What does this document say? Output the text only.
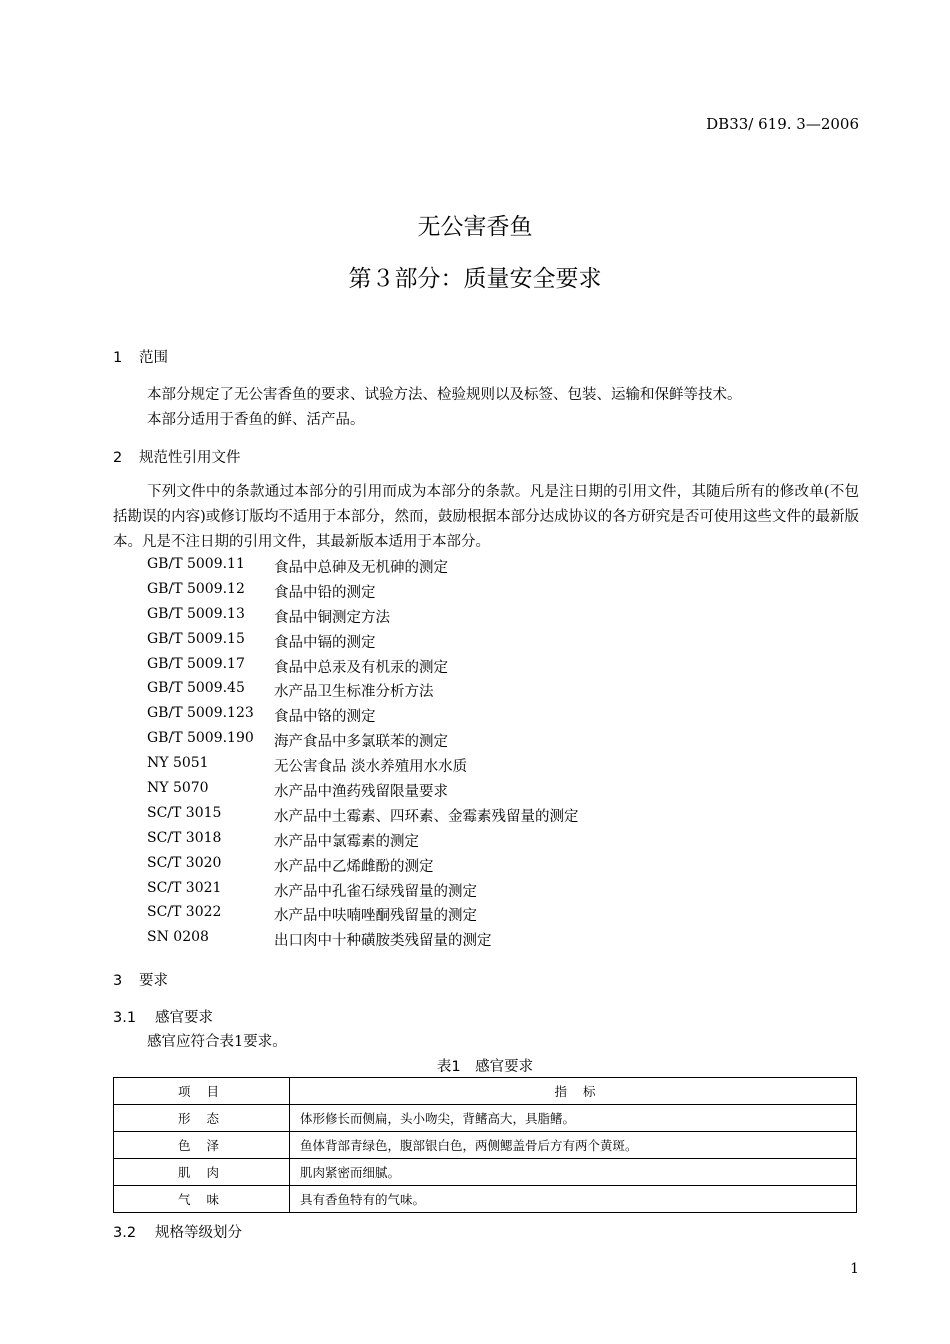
DB33/ 619. 3—2006
无公害香鱼
第３部分：质量安全要求
1 范围
本部分规定了无公害香鱼的要求、试验方法、检验规则以及标签、包装、运输和保鲜等技术。
本部分适用于香鱼的鲜、活产品。
2 规范性引用文件
下列文件中的条款通过本部分的引用而成为本部分的条款。凡是注日期的引用文件，其随后所有的修改单(不包括勘误的内容)或修订版均不适用于本部分，然而，鼓励根据本部分达成协议的各方研究是否可使用这些文件的最新版本。凡是不注日期的引用文件，其最新版本适用于本部分。
GB/T 5009.11	食品中总砷及无机砷的测定
GB/T 5009.12	食品中铅的测定
GB/T 5009.13	食品中铜测定方法
GB/T 5009.15	食品中镉的测定
GB/T 5009.17	食品中总汞及有机汞的测定
GB/T 5009.45	水产品卫生标准分析方法
GB/T 5009.123	食品中铬的测定
GB/T 5009.190	海产食品中多氯联苯的测定
NY 5051	无公害食品 淡水养殖用水水质
NY 5070	水产品中渔药残留限量要求
SC/T 3015	水产品中土霉素、四环素、金霉素残留量的测定
SC/T 3018	水产品中氯霉素的测定
SC/T 3020	水产品中乙烯雌酚的测定
SC/T 3021	水产品中孔雀石绿残留量的测定
SC/T 3022	水产品中呋喃唑酮残留量的测定
SN 0208	出口肉中十种磺胺类残留量的测定
3 要求
3.1 感官要求
感官应符合表1要求。
表1　感官要求
项 目	指 标
形 态	体形修长而侧扁，头小吻尖，背鳍高大，具脂鳍。
色 泽	鱼体背部青绿色，腹部银白色，两侧鳃盖骨后方有两个黄斑。
肌 肉	肌肉紧密而细腻。
气 味	具有香鱼特有的气味。
3.2 规格等级划分
1
